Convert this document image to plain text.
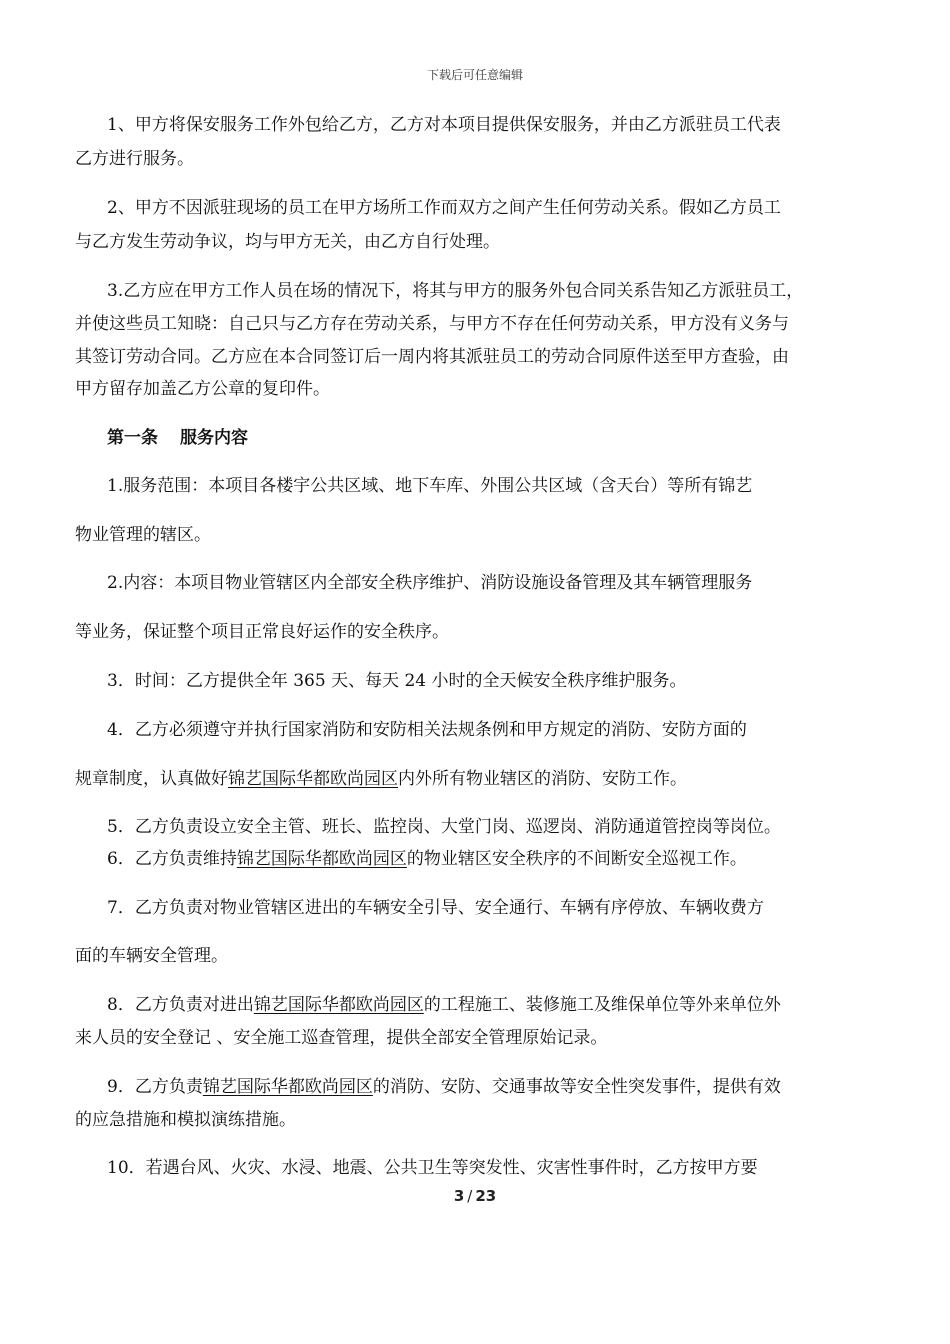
下载后可任意编辑
1、甲方将保安服务工作外包给乙方，乙方对本项目提供保安服务，并由乙方派驻员工代表
乙方进行服务。
2、甲方不因派驻现场的员工在甲方场所工作而双方之间产生任何劳动关系。假如乙方员工
与乙方发生劳动争议，均与甲方无关，由乙方自行处理。
3.乙方应在甲方工作人员在场的情况下，将其与甲方的服务外包合同关系告知乙方派驻员工，
并使这些员工知晓：自己只与乙方存在劳动关系，与甲方不存在任何劳动关系，甲方没有义务与
其签订劳动合同。乙方应在本合同签订后一周内将其派驻员工的劳动合同原件送至甲方查验，由
甲方留存加盖乙方公章的复印件。
第一条 服务内容
1.服务范围：本项目各楼宇公共区域、地下车库、外围公共区域（含天台）等所有锦艺
物业管理的辖区。
2.内容：本项目物业管辖区内全部安全秩序维护、消防设施设备管理及其车辆管理服务
等业务，保证整个项目正常良好运作的安全秩序。
3．时间：乙方提供全年 365 天、每天 24 小时的全天候安全秩序维护服务。
4．乙方必须遵守并执行国家消防和安防相关法规条例和甲方规定的消防、安防方面的
规章制度，认真做好锦艺国际华都欧尚园区内外所有物业辖区的消防、安防工作。
5．乙方负责设立安全主管、班长、监控岗、大堂门岗、巡逻岗、消防通道管控岗等岗位。
6．乙方负责维持锦艺国际华都欧尚园区的物业辖区安全秩序的不间断安全巡视工作。
7．乙方负责对物业管辖区进出的车辆安全引导、安全通行、车辆有序停放、车辆收费方
面的车辆安全管理。
8．乙方负责对进出锦艺国际华都欧尚园区的工程施工、装修施工及维保单位等外来单位外
来人员的安全登记 、安全施工巡查管理，提供全部安全管理原始记录。
9．乙方负责锦艺国际华都欧尚园区的消防、安防、交通事故等安全性突发事件，提供有效
的应急措施和模拟演练措施。
10．若遇台风、火灾、水浸、地震、公共卫生等突发性、灾害性事件时，乙方按甲方要
3 / 23
